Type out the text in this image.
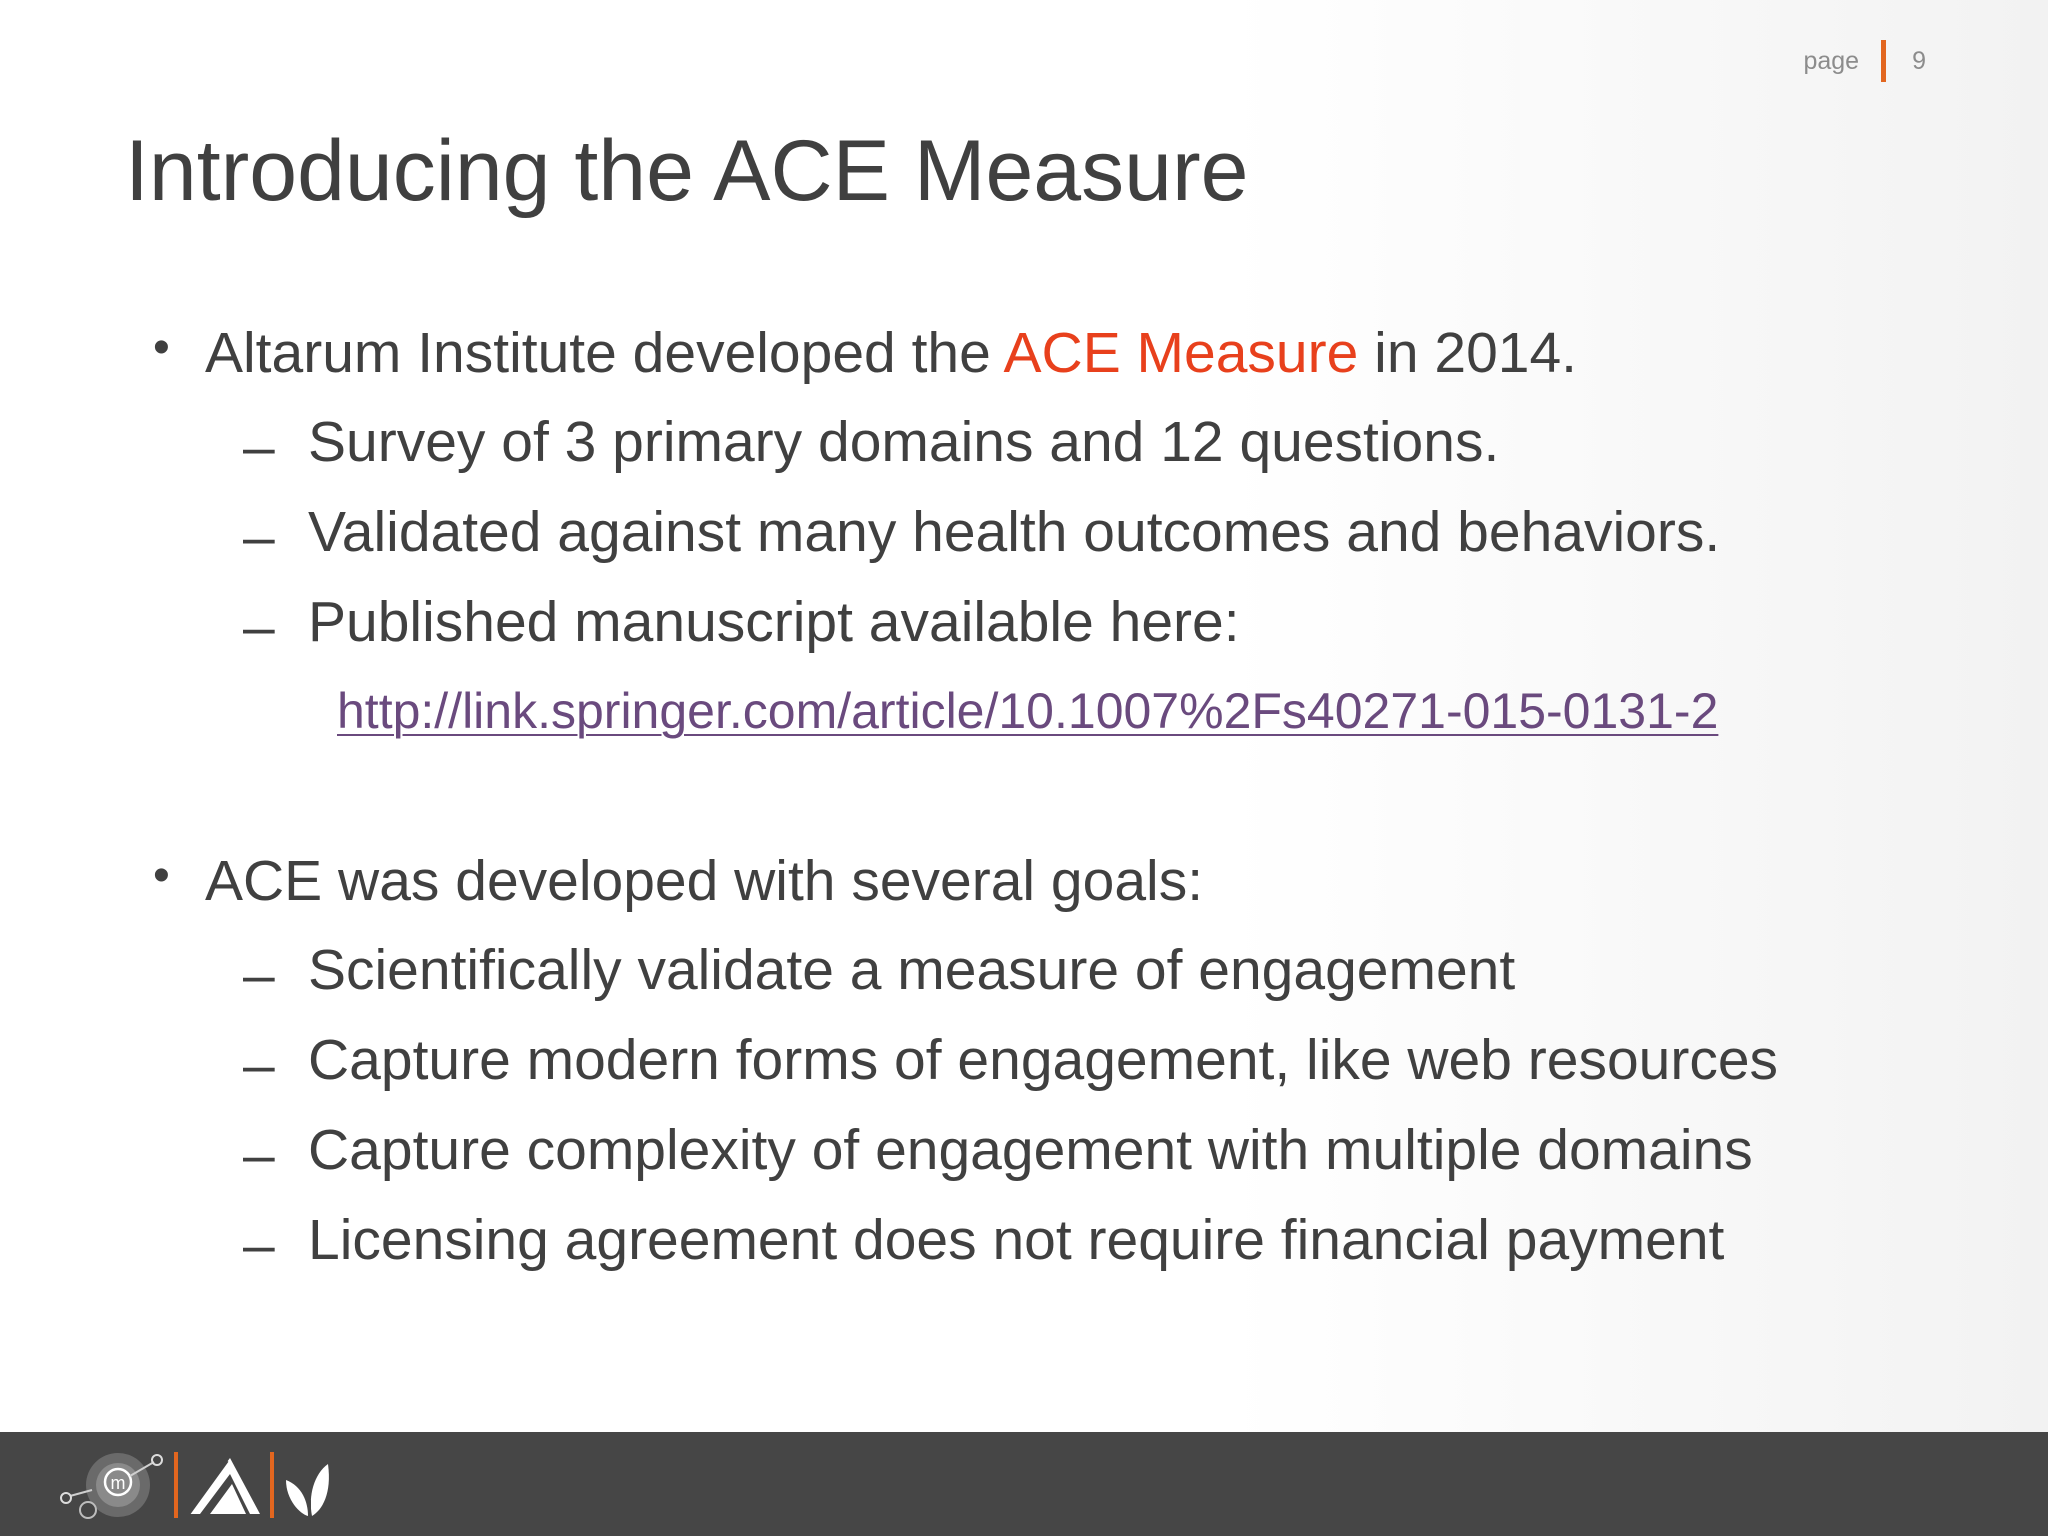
page 9
Introducing the ACE Measure
• Altarum Institute developed the ACE Measure in 2014.
– Survey of 3 primary domains and 12 questions.
– Validated against many health outcomes and behaviors.
– Published manuscript available here:
http://link.springer.com/article/10.1007%2Fs40271-015-0131-2
• ACE was developed with several goals:
– Scientifically validate a measure of engagement
– Capture modern forms of engagement, like web resources
– Capture complexity of engagement with multiple domains
– Licensing agreement does not require financial payment
m
